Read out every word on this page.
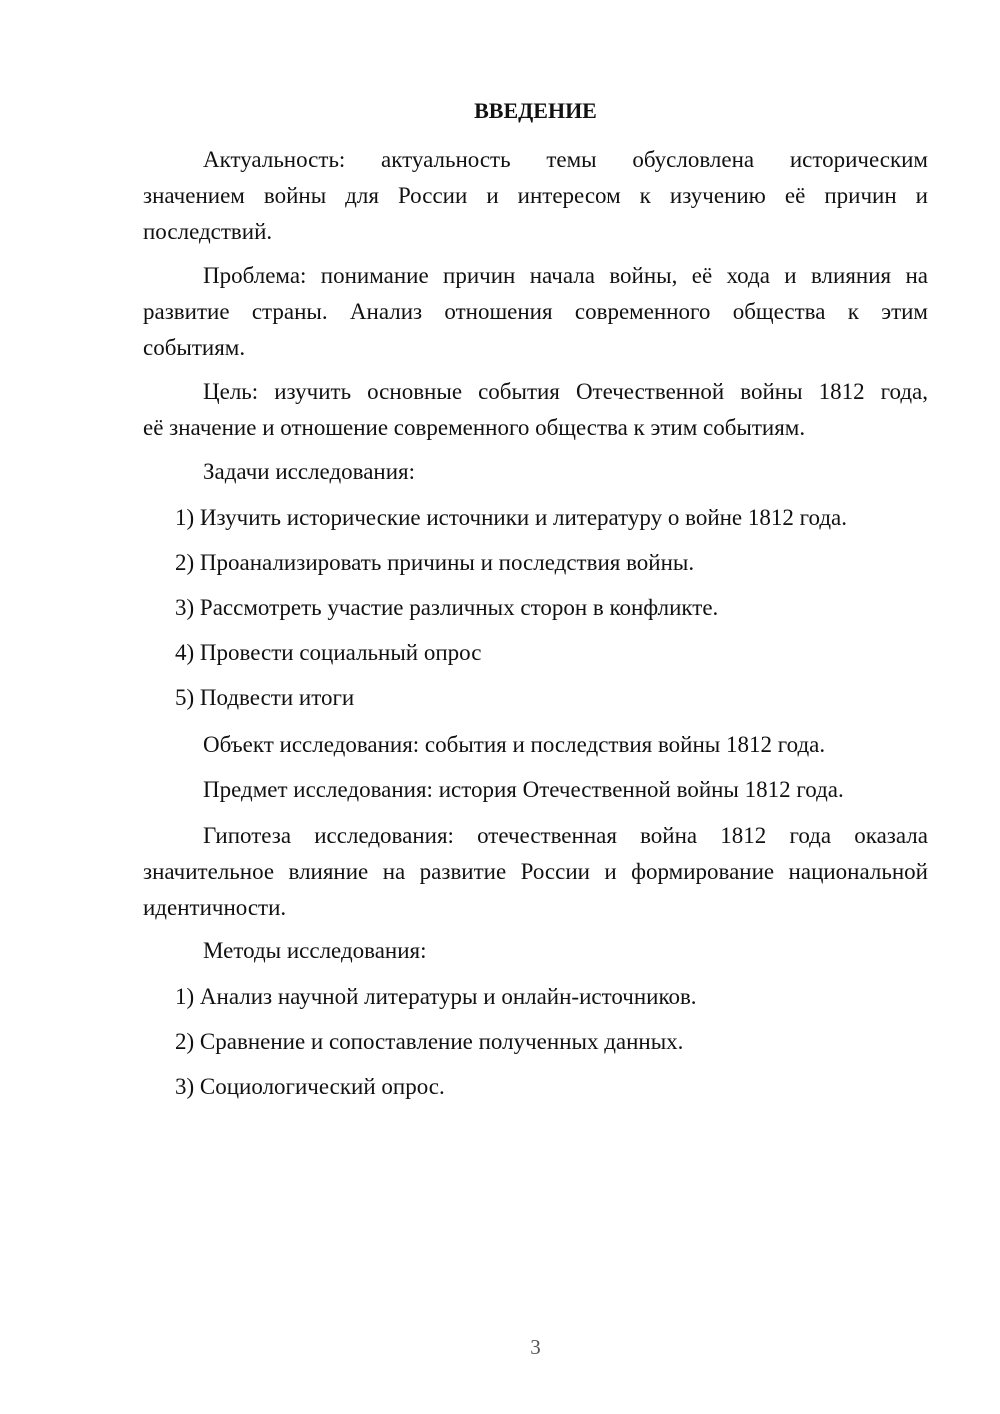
ВВЕДЕНИЕ

Актуальность: актуальность темы обусловлена историческим
значением войны для России и интересом к изучению её причин и
последствий.

Проблема: понимание причин начала войны, её хода и влияния на
развитие страны. Анализ отношения современного общества к этим
событиям.

Цель: изучить основные события Отечественной войны 1812 года,
её значение и отношение современного общества к этим событиям.

Задачи исследования:

1) Изучить исторические источники и литературу о войне 1812 года.

2) Проанализировать причины и последствия войны.

3) Рассмотреть участие различных сторон в конфликте.

4) Провести социальный опрос

5) Подвести итоги

Объект исследования: события и последствия войны 1812 года.

Предмет исследования: история Отечественной войны 1812 года.

Гипотеза исследования: отечественная война 1812 года оказала
значительное влияние на развитие России и формирование национальной
идентичности.

Методы исследования:

1) Анализ научной литературы и онлайн-источников.

2) Сравнение и сопоставление полученных данных.

3) Социологический опрос.

3
